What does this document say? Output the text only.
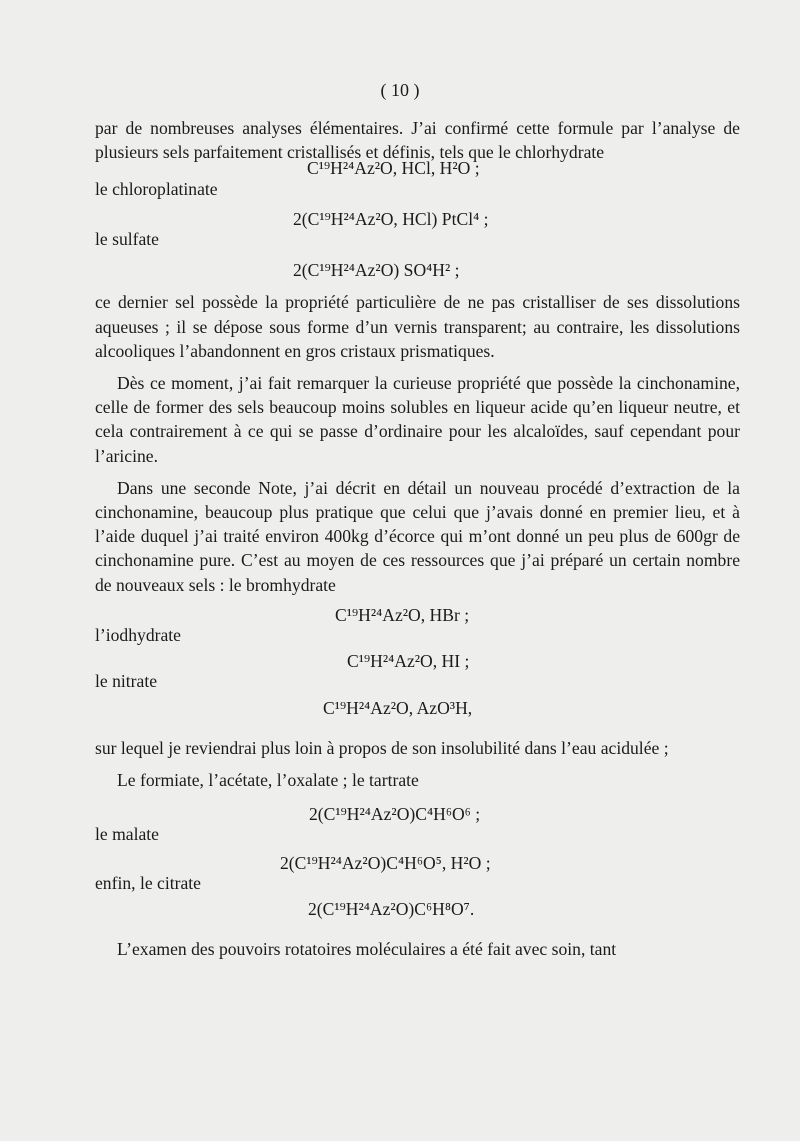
( 10 )

par de nombreuses analyses élémentaires. J’ai confirmé cette formule par l’analyse de plusieurs sels parfaitement cristallisés et définis, tels que le chlorhydrate

C¹⁹H²⁴Az²O, HCl, H²O ;
le chloroplatinate
2(C¹⁹H²⁴Az²O, HCl) PtCl⁴ ;
le sulfate
2(C¹⁹H²⁴Az²O) SO⁴H² ;

ce dernier sel possède la propriété particulière de ne pas cristalliser de ses dissolutions aqueuses ; il se dépose sous forme d’un vernis transparent; au contraire, les dissolutions alcooliques l’abandonnent en gros cristaux prismatiques.

Dès ce moment, j’ai fait remarquer la curieuse propriété que possède la cinchonamine, celle de former des sels beaucoup moins solubles en liqueur acide qu’en liqueur neutre, et cela contrairement à ce qui se passe d’ordinaire pour les alcaloïdes, sauf cependant pour l’aricine.

Dans une seconde Note, j’ai décrit en détail un nouveau procédé d’extraction de la cinchonamine, beaucoup plus pratique que celui que j’avais donné en premier lieu, et à l’aide duquel j’ai traité environ 400kg d’écorce qui m’ont donné un peu plus de 600gr de cinchonamine pure. C’est au moyen de ces ressources que j’ai préparé un certain nombre de nouveaux sels : le bromhydrate

C¹⁹H²⁴Az²O, HBr ;
l’iodhydrate
C¹⁹H²⁴Az²O, HI ;
le nitrate
C¹⁹H²⁴Az²O, AzO³H,

sur lequel je reviendrai plus loin à propos de son insolubilité dans l’eau acidulée ;

Le formiate, l’acétate, l’oxalate ; le tartrate

2(C¹⁹H²⁴Az²O)C⁴H⁶O⁶ ;
le malate
2(C¹⁹H²⁴Az²O)C⁴H⁶O⁵, H²O ;
enfin, le citrate
2(C¹⁹H²⁴Az²O)C⁶H⁸O⁷.

L’examen des pouvoirs rotatoires moléculaires a été fait avec soin, tant
